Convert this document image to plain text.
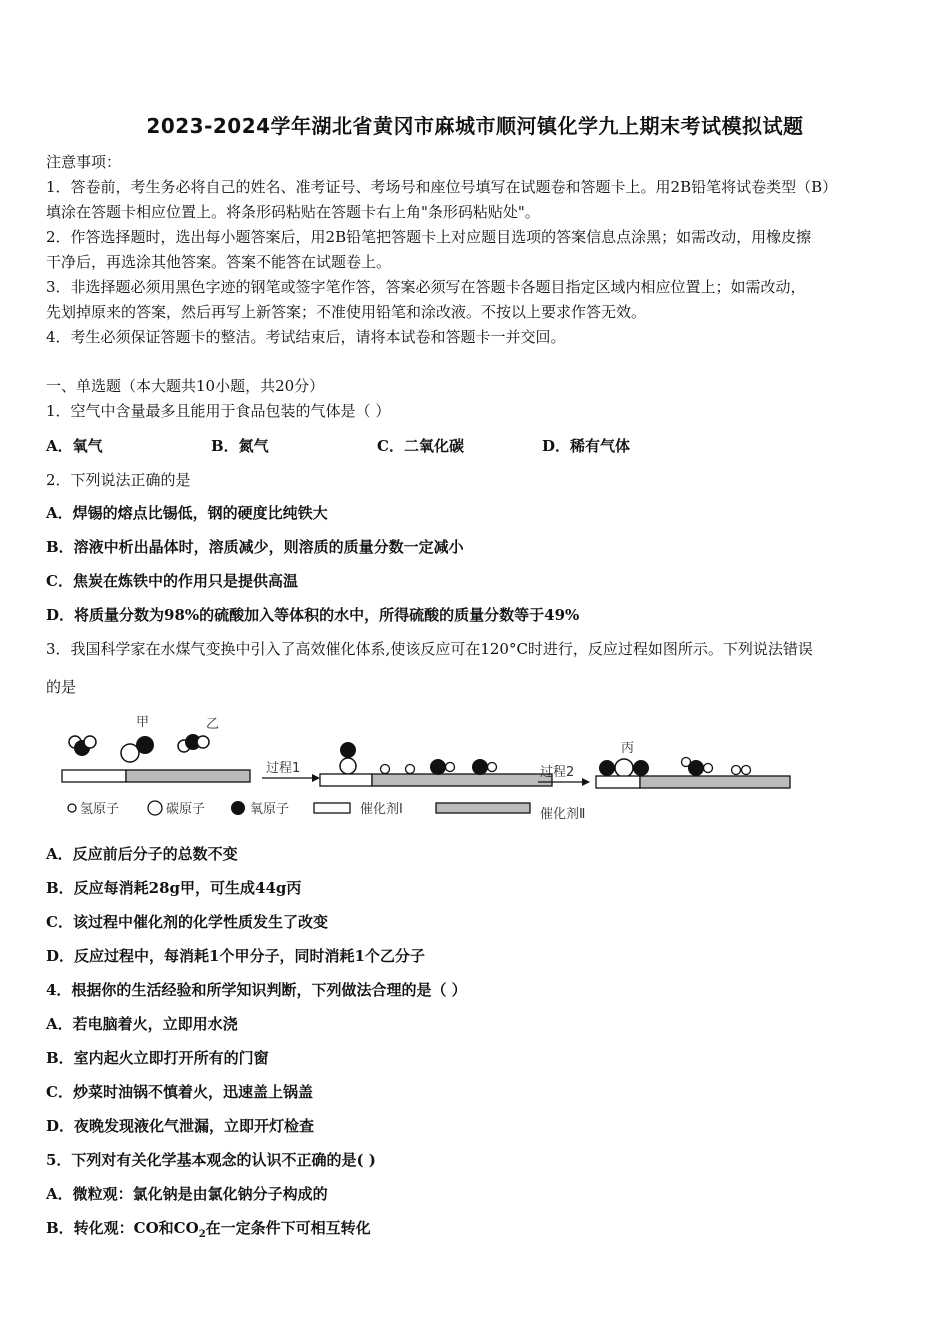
2023-2024学年湖北省黄冈市麻城市顺河镇化学九上期末考试模拟试题
注意事项：
1．答卷前，考生务必将自己的姓名、准考证号、考场号和座位号填写在试题卷和答题卡上。用2B铅笔将试卷类型（B）
填涂在答题卡相应位置上。将条形码粘贴在答题卡右上角"条形码粘贴处"。
2．作答选择题时，选出每小题答案后，用2B铅笔把答题卡上对应题目选项的答案信息点涂黑；如需改动，用橡皮擦
干净后，再选涂其他答案。答案不能答在试题卷上。
3．非选择题必须用黑色字迹的钢笔或签字笔作答，答案必须写在答题卡各题目指定区域内相应位置上；如需改动，
先划掉原来的答案，然后再写上新答案；不准使用铅笔和涂改液。不按以上要求作答无效。
4．考生必须保证答题卡的整洁。考试结束后，请将本试卷和答题卡一并交回。
一、单选题（本大题共10小题，共20分）
1．空气中含量最多且能用于食品包装的气体是（ ）
A．氧气	B．氮气	C．二氧化碳	D．稀有气体
2．下列说法正确的是
A．焊锡的熔点比锡低，钢的硬度比纯铁大
B．溶液中析出晶体时，溶质减少，则溶质的质量分数一定减小
C．焦炭在炼铁中的作用只是提供高温
D．将质量分数为98%的硫酸加入等体积的水中，所得硫酸的质量分数等于49%
3．我国科学家在水煤气变换中引入了高效催化体系,使该反应可在120°C时进行，反应过程如图所示。下列说法错误
的是
甲	乙
过程1	过程2
丙
氢原子	碳原子	氧原子	催化剂Ⅰ	催化剂Ⅱ
A．反应前后分子的总数不变
B．反应每消耗28g甲，可生成44g丙
C．该过程中催化剂的化学性质发生了改变
D．反应过程中，每消耗1个甲分子，同时消耗1个乙分子
4．根据你的生活经验和所学知识判断，下列做法合理的是（ ）
A．若电脑着火，立即用水浇
B．室内起火立即打开所有的门窗
C．炒菜时油锅不慎着火，迅速盖上锅盖
D．夜晚发现液化气泄漏，立即开灯检查
5．下列对有关化学基本观念的认识不正确的是( )
A．微粒观：氯化钠是由氯化钠分子构成的
B．转化观：CO和$CO_2$在一定条件下可相互转化
